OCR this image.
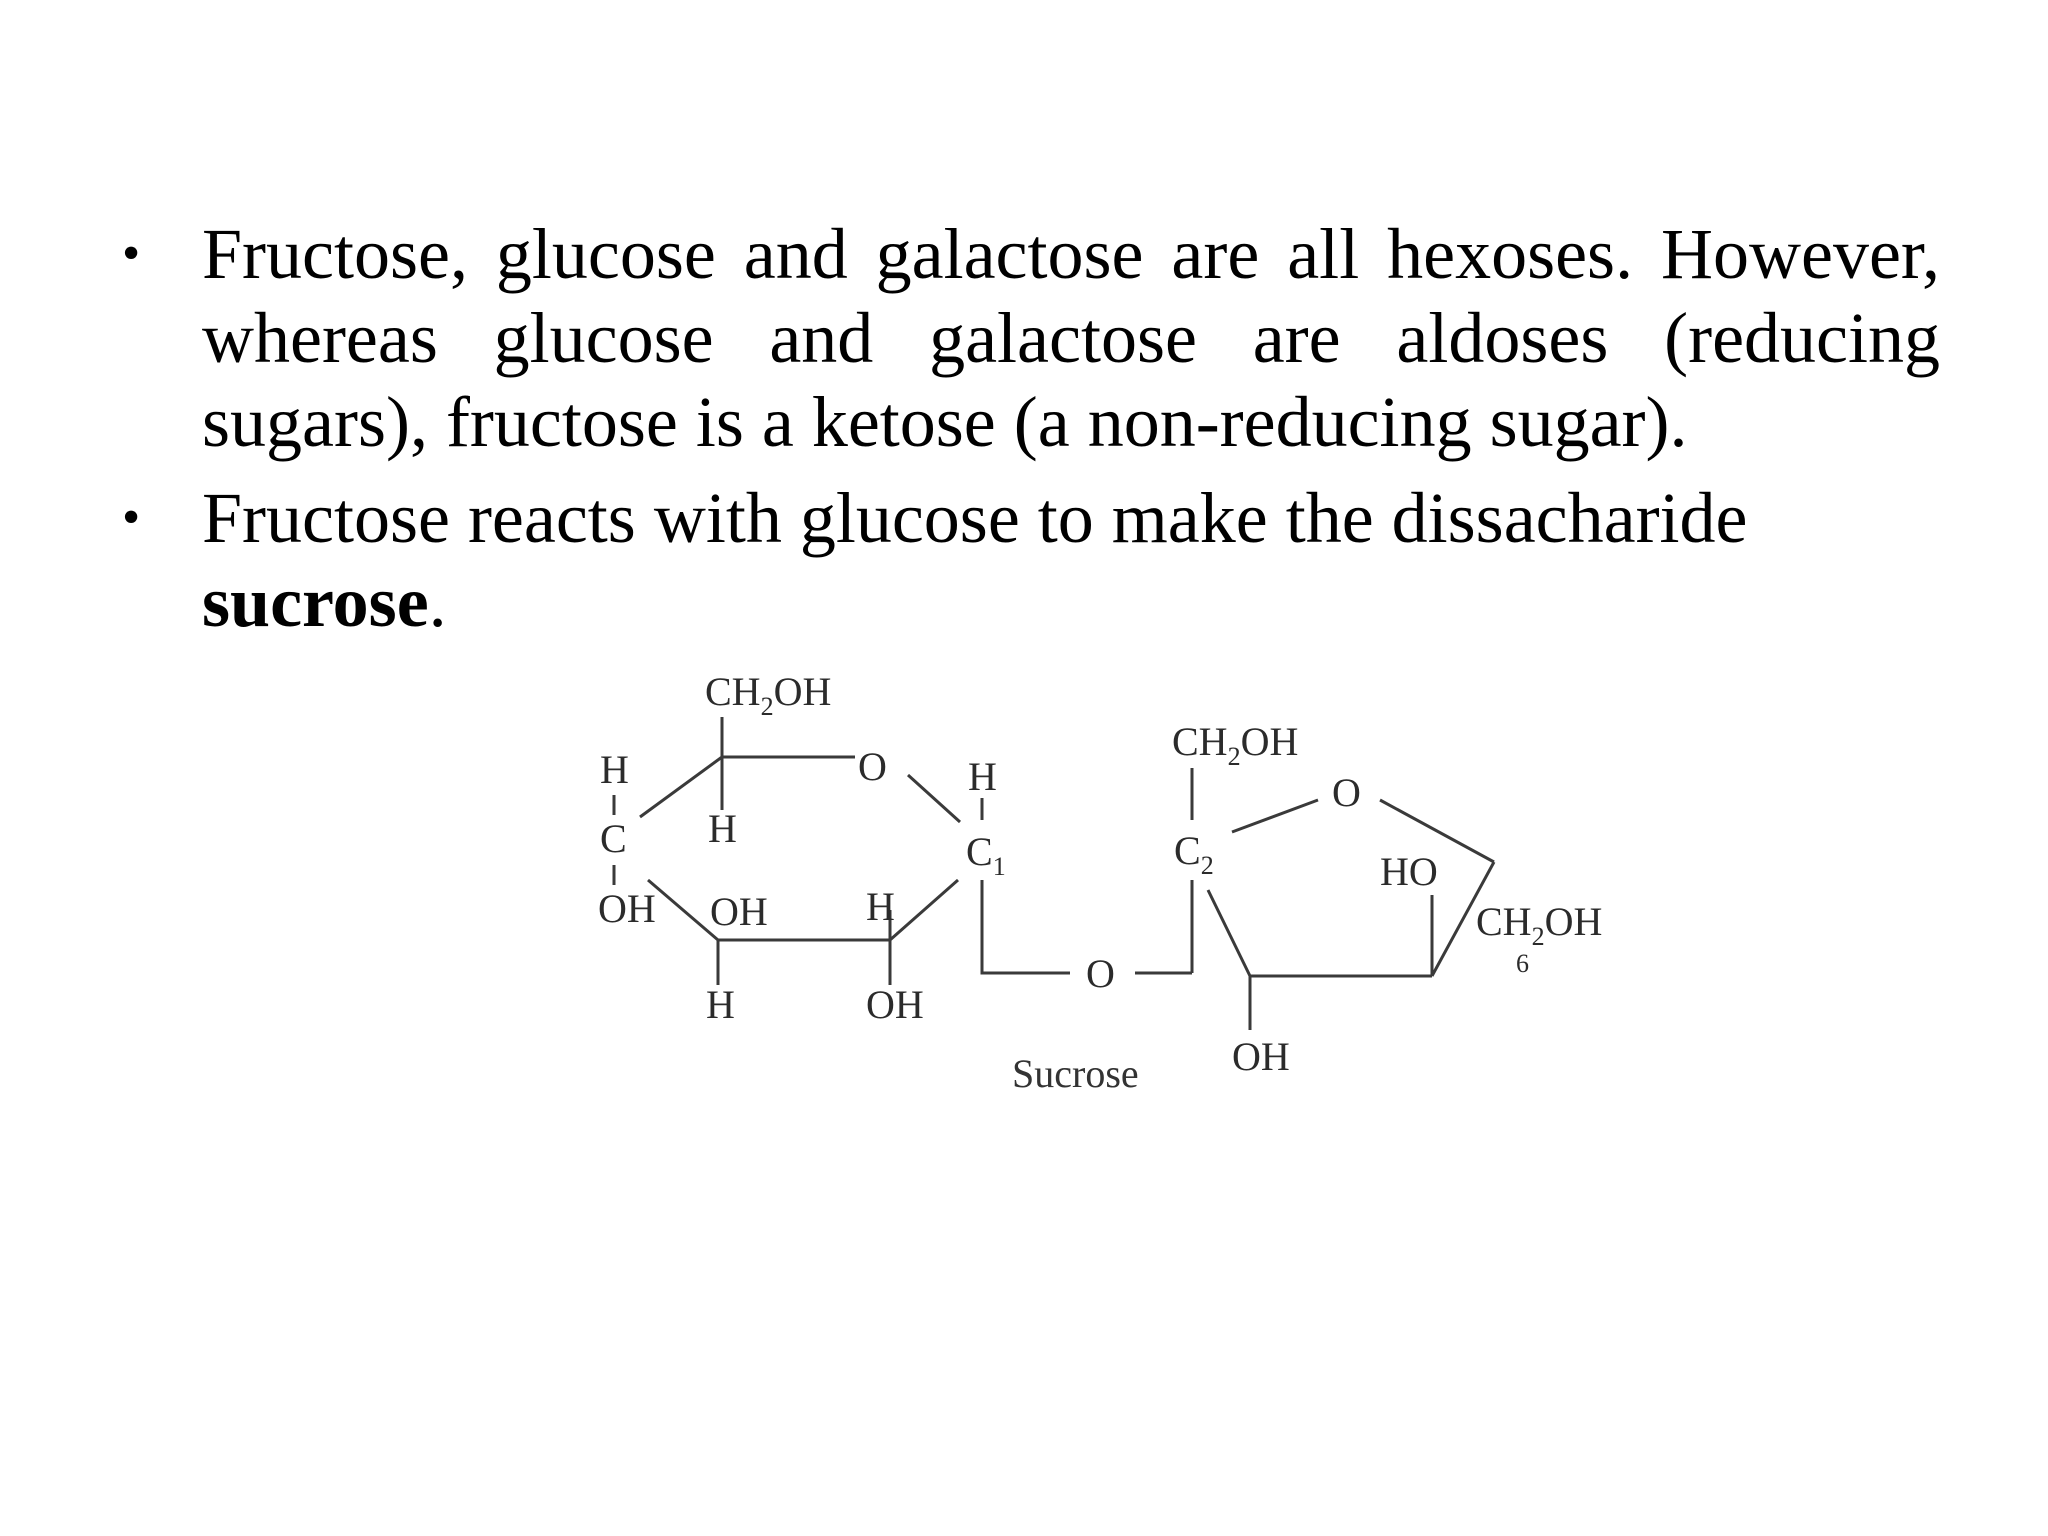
• Fructose, glucose and galactose are all hexoses. However, whereas glucose and galactose are aldoses (reducing sugars), fructose is a ketose (a non-reducing sugar).
• Fructose reacts with glucose to make the dissacharide sucrose.
$CH_2OH$
O
H
C
OH
H
OH H
H	OH
H
$C_1$
O
$CH_2OH$
O
$C_2$	HO
$CH_2OH$
6
OH
Sucrose
